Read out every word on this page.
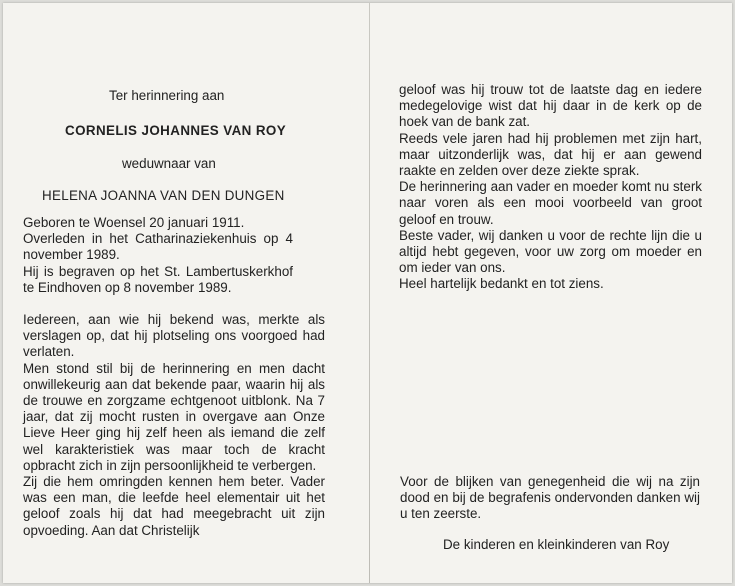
Ter herinnering aan
CORNELIS JOHANNES VAN ROY
weduwnaar van
HELENA JOANNA VAN DEN DUNGEN

Geboren te Woensel 20 januari 1911.

Overleden in het Catharinaziekenhuis op 4 november 1989.

Hij is begraven op het St. Lambertuskerkhof te Eindhoven op 8 november 1989.

Iedereen, aan wie hij bekend was, merkte als verslagen op, dat hij plotseling ons voorgoed had verlaten.

Men stond stil bij de herinnering en men dacht onwillekeurig aan dat bekende paar, waarin hij als de trouwe en zorgzame echtgenoot uitblonk. Na 7 jaar, dat zij mocht rusten in overgave aan Onze Lieve Heer ging hij zelf heen als iemand die zelf wel karakteristiek was maar toch de kracht opbracht zich in zijn persoonlijkheid te verbergen.

Zij die hem omringden kennen hem beter. Vader was een man, die leefde heel elementair uit het geloof zoals hij dat had meegebracht uit zijn opvoeding. Aan dat Christelijk

geloof was hij trouw tot de laatste dag en iedere medegelovige wist dat hij daar in de kerk op de hoek van de bank zat.

Reeds vele jaren had hij problemen met zijn hart, maar uitzonderlijk was, dat hij er aan gewend raakte en zelden over deze ziekte sprak.

De herinnering aan vader en moeder komt nu sterk naar voren als een mooi voorbeeld van groot geloof en trouw.

Beste vader, wij danken u voor de rechte lijn die u altijd hebt gegeven, voor uw zorg om moeder en om ieder van ons.

Heel hartelijk bedankt en tot ziens.

Voor de blijken van genegenheid die wij na zijn dood en bij de begrafenis ondervonden danken wij u ten zeerste.

De kinderen en kleinkinderen van Roy
